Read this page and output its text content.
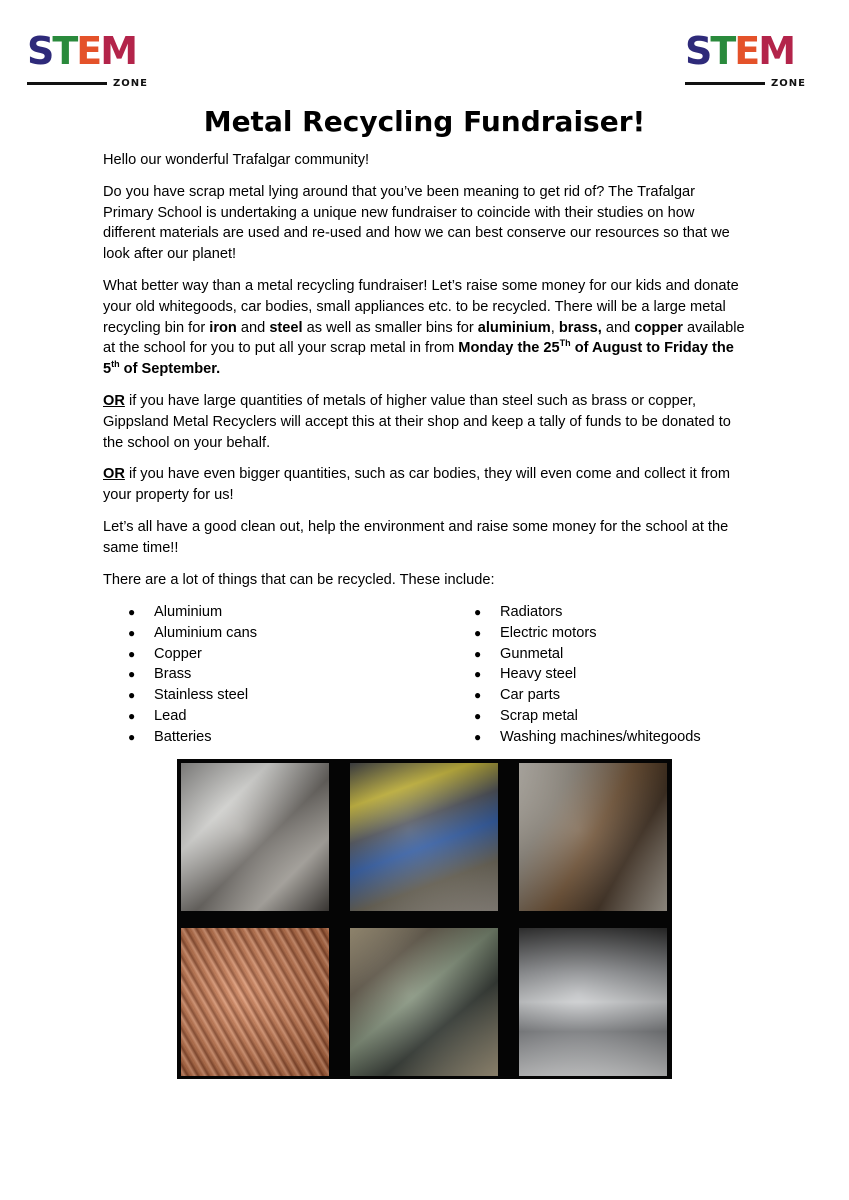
S T E M
ZONE
S T E M
ZONE
Metal Recycling Fundraiser!

Hello our wonderful Trafalgar community!

Do you have scrap metal lying around that you’ve been meaning to get rid of? The Trafalgar Primary School is undertaking a unique new fundraiser to coincide with their studies on how different materials are used and re-used and how we can best conserve our resources so that we look after our planet!

What better way than a metal recycling fundraiser! Let’s raise some money for our kids and donate your old whitegoods, car bodies, small appliances etc. to be recycled. There will be a large metal recycling bin for iron and steel as well as smaller bins for aluminium, brass, and copper available at the school for you to put all your scrap metal in from Monday the 25Th of August to Friday the 5th of September.

OR if you have large quantities of metals of higher value than steel such as brass or copper, Gippsland Metal Recyclers will accept this at their shop and keep a tally of funds to be donated to the school on your behalf.

OR if you have even bigger quantities, such as car bodies, they will even come and collect it from your property for us!

Let’s all have a good clean out, help the environment and raise some money for the school at the same time!!

There are a lot of things that can be recycled. These include:

● Aluminium
● Aluminium cans
● Copper
● Brass
● Stainless steel
● Lead
● Batteries
● Radiators
● Electric motors
● Gunmetal
● Heavy steel
● Car parts
● Scrap metal
● Washing machines/whitegoods
